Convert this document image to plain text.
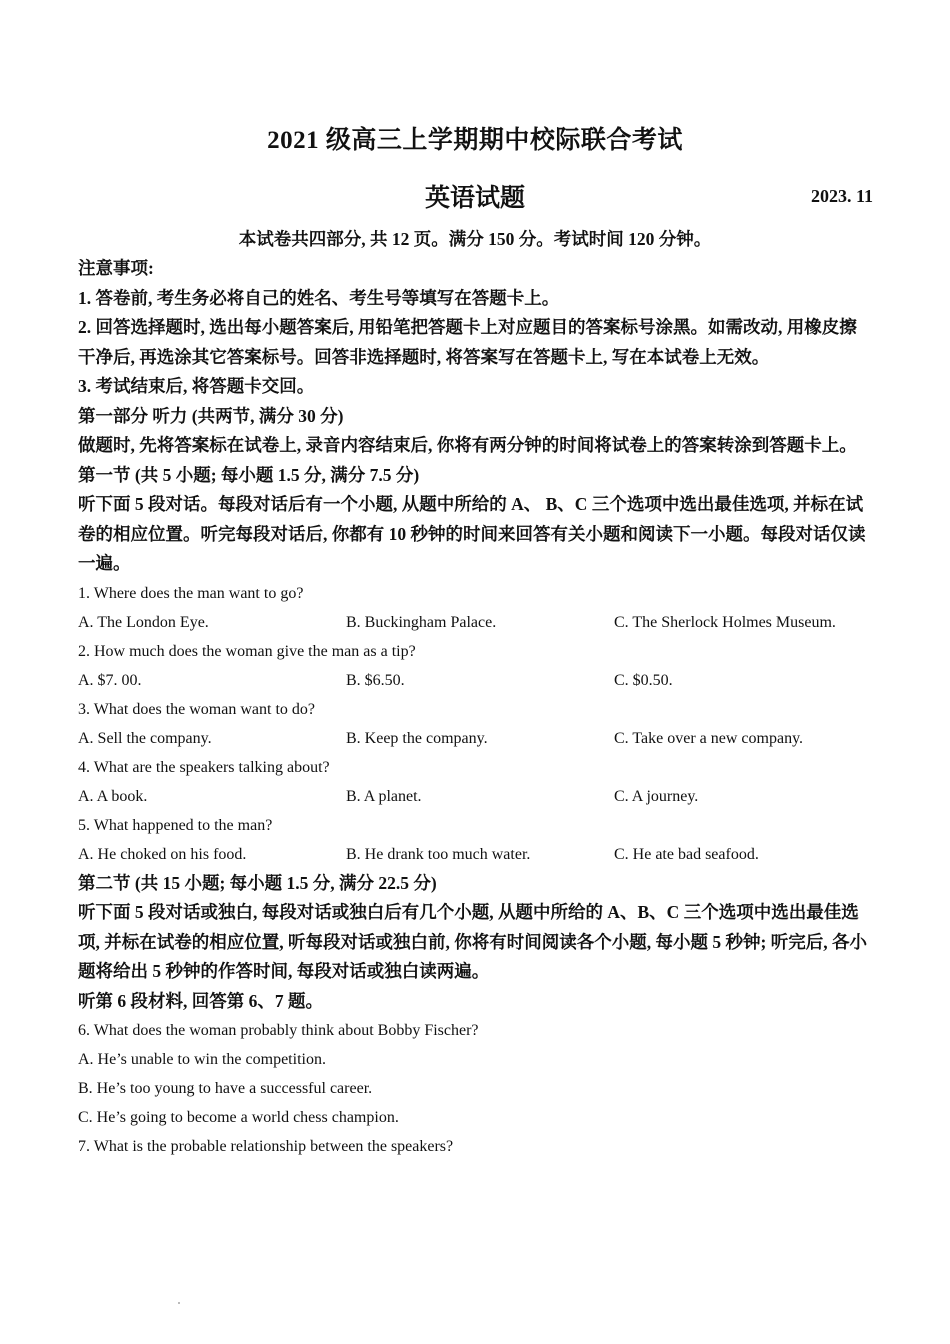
2021 级高三上学期期中校际联合考试
英语试题	2023. 11
本试卷共四部分, 共 12 页。满分 150 分。考试时间 120 分钟。

注意事项:

1. 答卷前, 考生务必将自己的姓名、考生号等填写在答题卡上。

2. 回答选择题时, 选出每小题答案后, 用铅笔把答题卡上对应题目的答案标号涂黑。如需改动, 用橡皮擦干净后, 再选涂其它答案标号。回答非选择题时, 将答案写在答题卡上, 写在本试卷上无效。

3. 考试结束后, 将答题卡交回。

第一部分 听力 (共两节, 满分 30 分)

做题时, 先将答案标在试卷上, 录音内容结束后, 你将有两分钟的时间将试卷上的答案转涂到答题卡上。

第一节 (共 5 小题; 每小题 1.5 分, 满分 7.5 分)

听下面 5 段对话。每段对话后有一个小题, 从题中所给的 A、 B、C 三个选项中选出最佳选项, 并标在试卷的相应位置。听完每段对话后, 你都有 10 秒钟的时间来回答有关小题和阅读下一小题。每段对话仅读一遍。

1. Where does the man want to go?

A. The London Eye.	B. Buckingham Palace.	C. The Sherlock Holmes Museum.

2. How much does the woman give the man as a tip?

A. $7. 00.	B. $6.50.	C. $0.50.

3. What does the woman want to do?

A. Sell the company.	B. Keep the company.	C. Take over a new company.

4. What are the speakers talking about?

A. A book.	B. A planet.	C. A journey.

5. What happened to the man?

A. He choked on his food.	B. He drank too much water.	C. He ate bad seafood.

第二节 (共 15 小题; 每小题 1.5 分, 满分 22.5 分)

听下面 5 段对话或独白, 每段对话或独白后有几个小题, 从题中所给的 A、B、C 三个选项中选出最佳选项, 并标在试卷的相应位置, 听每段对话或独白前, 你将有时间阅读各个小题, 每小题 5 秒钟; 听完后, 各小题将给出 5 秒钟的作答时间, 每段对话或独白读两遍。

听第 6 段材料, 回答第 6、7 题。

6. What does the woman probably think about Bobby Fischer?

A. He’s unable to win the competition.

B. He’s too young to have a successful career.

C. He’s going to become a world chess champion.

7. What is the probable relationship between the speakers?
